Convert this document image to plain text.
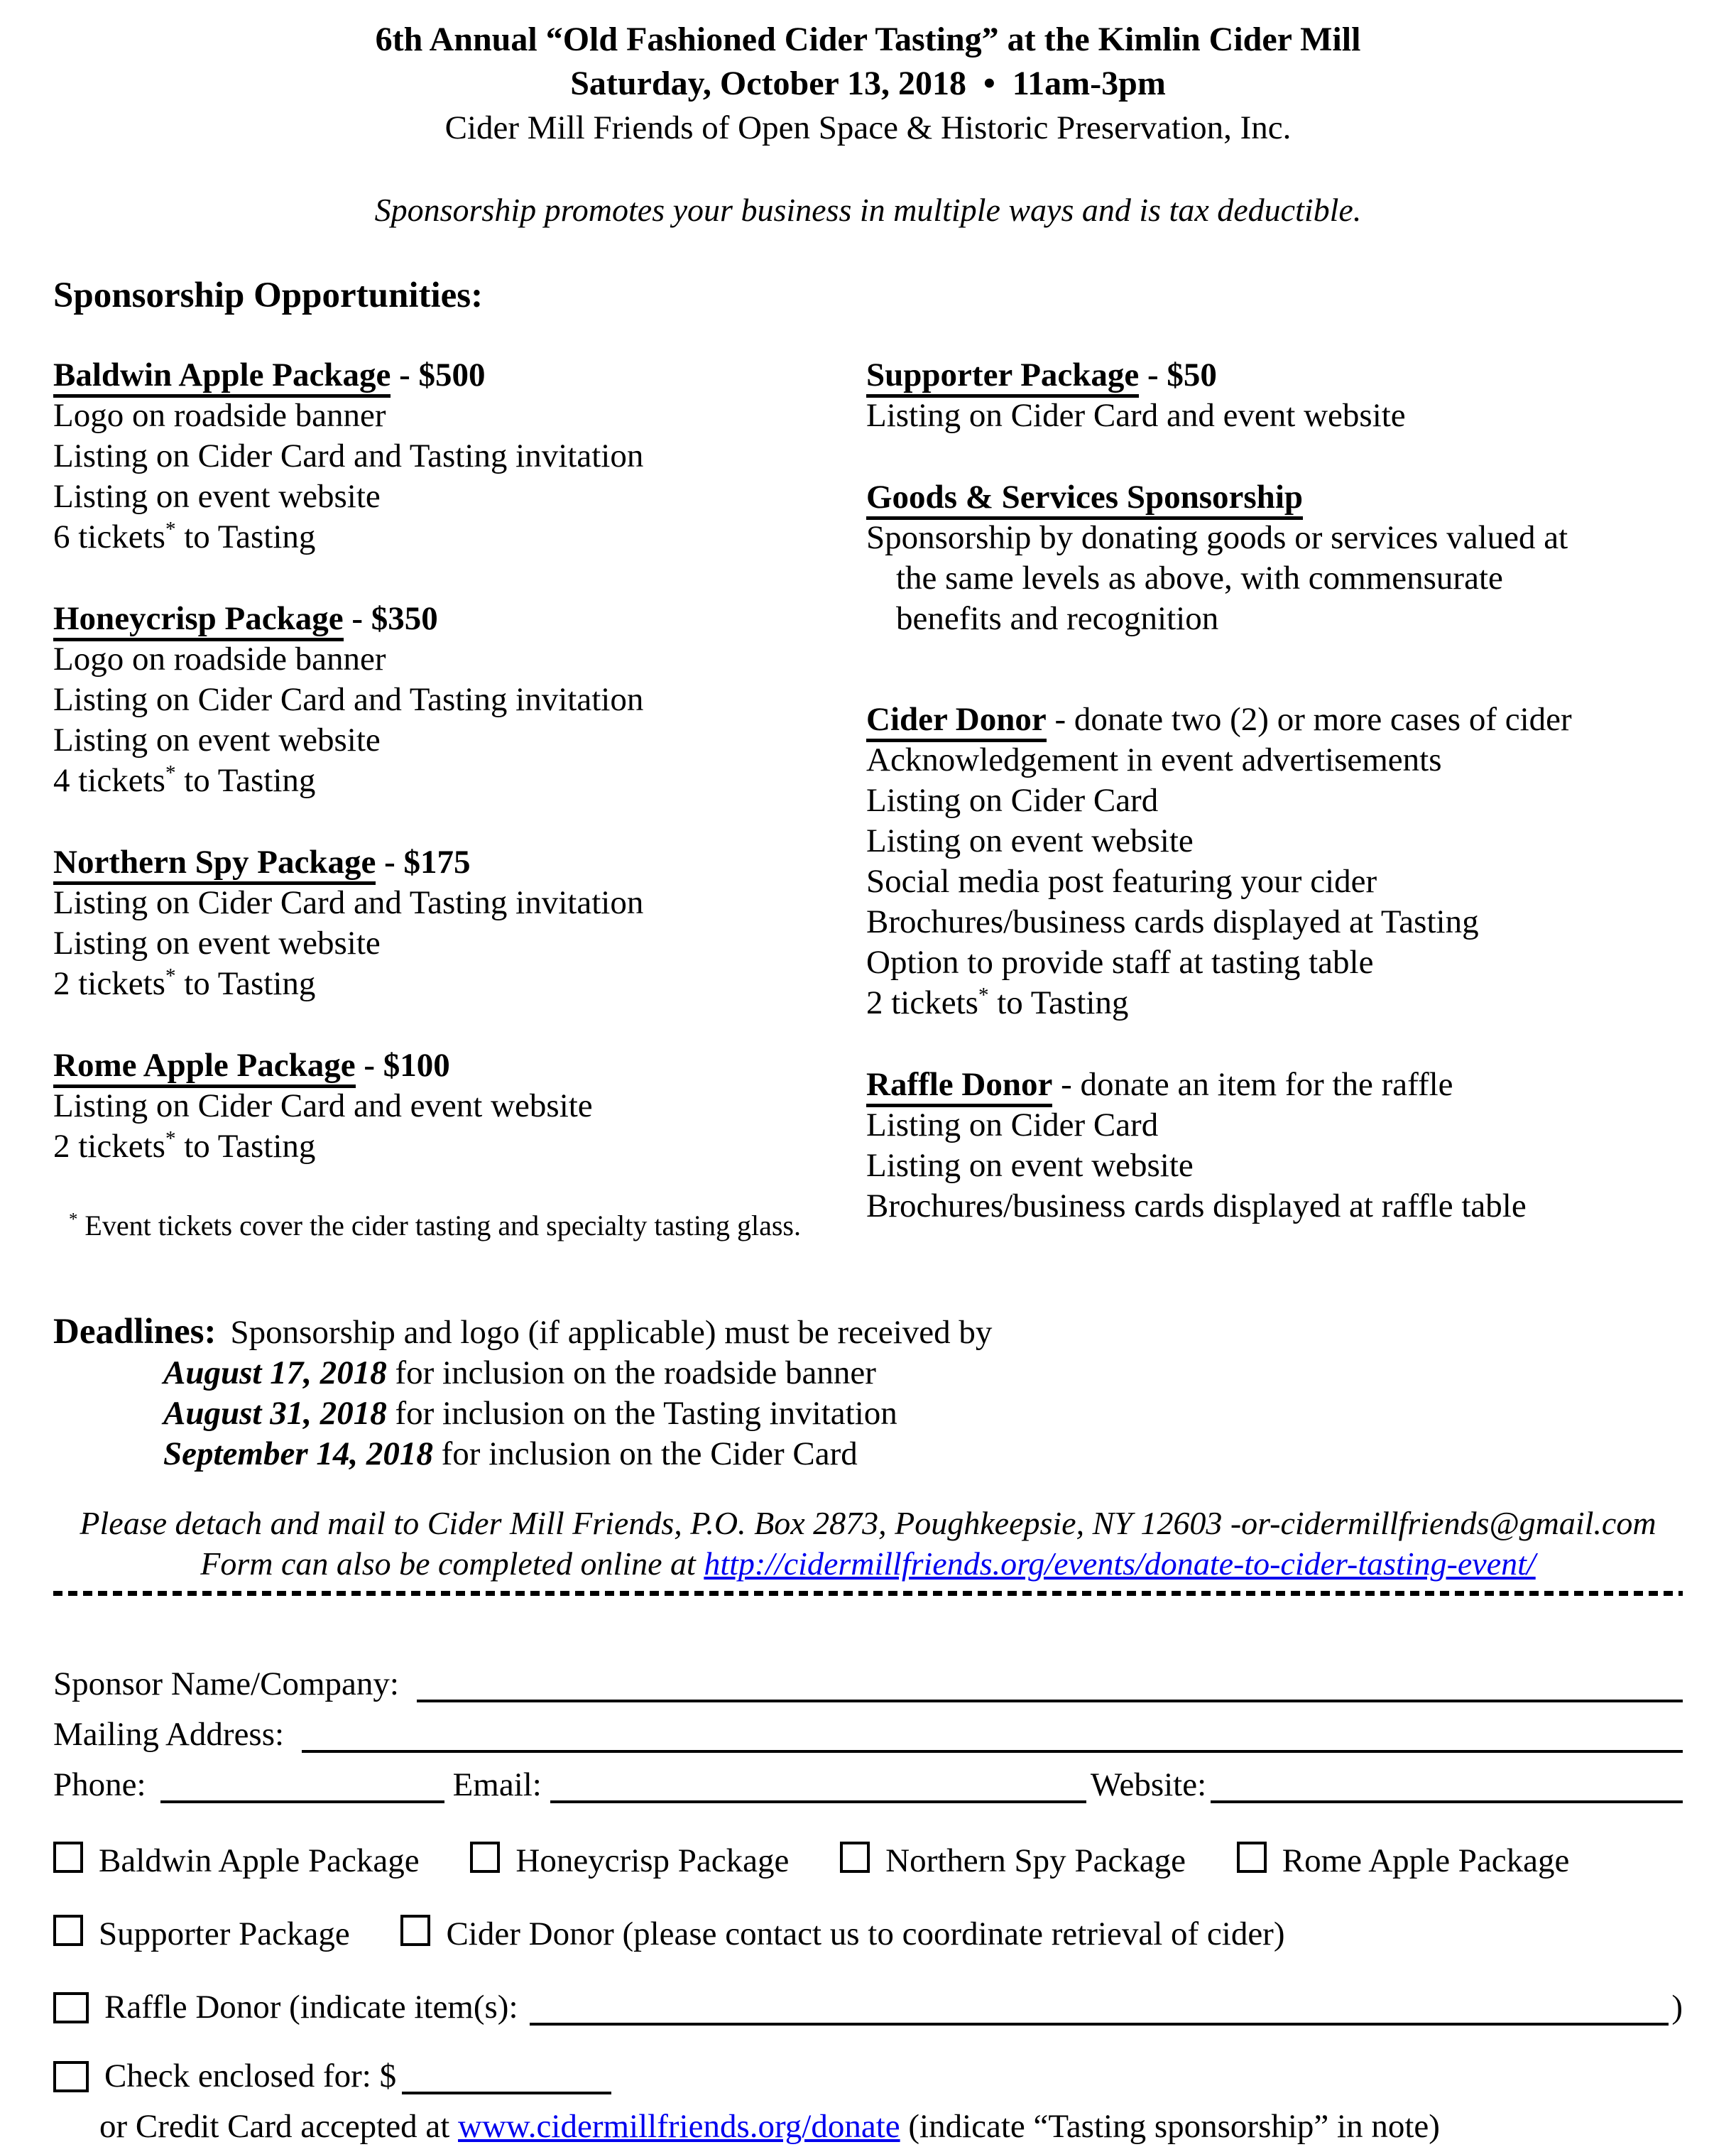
6th Annual “Old Fashioned Cider Tasting” at the Kimlin Cider Mill
Saturday, October 13, 2018  •  11am-3pm
Cider Mill Friends of Open Space & Historic Preservation, Inc.
Sponsorship promotes your business in multiple ways and is tax deductible.
Sponsorship Opportunities:
Baldwin Apple Package - $500
Logo on roadside banner
Listing on Cider Card and Tasting invitation
Listing on event website
6 tickets* to Tasting
Honeycrisp Package - $350
Logo on roadside banner
Listing on Cider Card and Tasting invitation
Listing on event website
4 tickets* to Tasting
Northern Spy Package - $175
Listing on Cider Card and Tasting invitation
Listing on event website
2 tickets* to Tasting
Rome Apple Package - $100
Listing on Cider Card and event website
2 tickets* to Tasting
* Event tickets cover the cider tasting and specialty tasting glass.
Supporter Package - $50
Listing on Cider Card and event website
Goods & Services Sponsorship
Sponsorship by donating goods or services valued at
the same levels as above, with commensurate
benefits and recognition
Cider Donor - donate two (2) or more cases of cider
Acknowledgement in event advertisements
Listing on Cider Card
Listing on event website
Social media post featuring your cider
Brochures/business cards displayed at Tasting
Option to provide staff at tasting table
2 tickets* to Tasting
Raffle Donor - donate an item for the raffle
Listing on Cider Card
Listing on event website
Brochures/business cards displayed at raffle table
Deadlines: Sponsorship and logo (if applicable) must be received by
August 17, 2018 for inclusion on the roadside banner
August 31, 2018 for inclusion on the Tasting invitation
September 14, 2018 for inclusion on the Cider Card
Please detach and mail to Cider Mill Friends, P.O. Box 2873, Poughkeepsie, NY 12603 -or-cidermillfriends@gmail.com
Form can also be completed online at http://cidermillfriends.org/events/donate-to-cider-tasting-event/
Sponsor Name/Company:
Mailing Address:
Phone:	Email:	Website:
Baldwin Apple Package	Honeycrisp Package	Northern Spy Package	Rome Apple Package
Supporter Package	Cider Donor (please contact us to coordinate retrieval of cider)
Raffle Donor (indicate item(s):	)
Check enclosed for: $
or Credit Card accepted at www.cidermillfriends.org/donate (indicate “Tasting sponsorship” in note)
